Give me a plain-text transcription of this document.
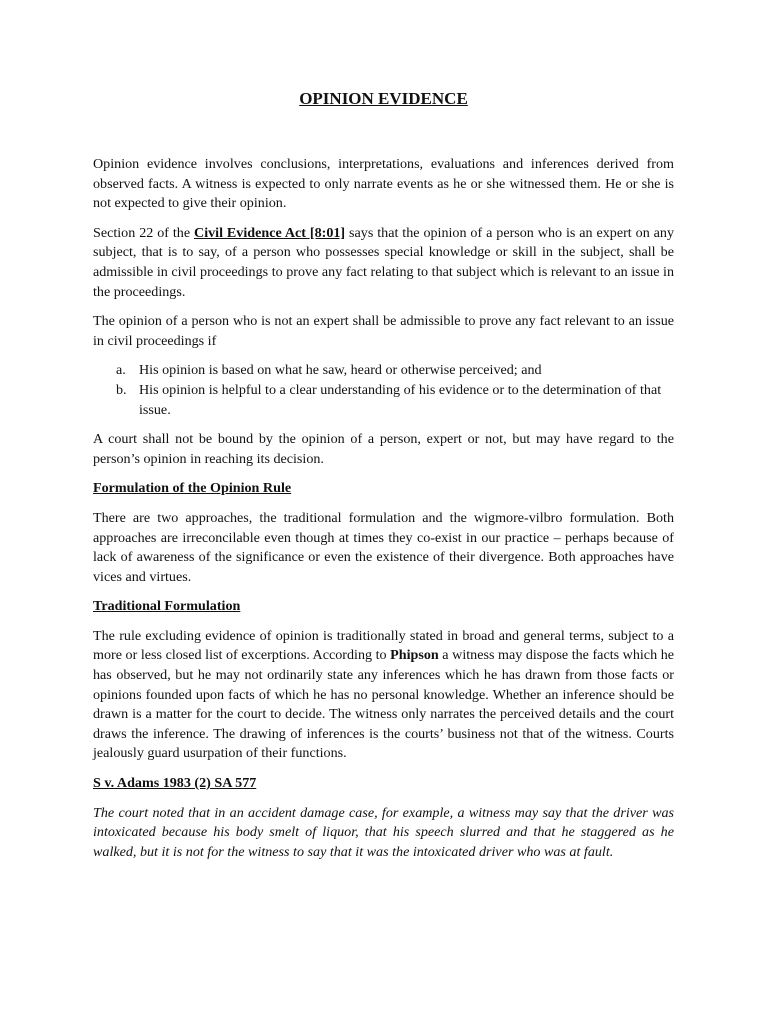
OPINION EVIDENCE

Opinion evidence involves conclusions, interpretations, evaluations and inferences derived from observed facts. A witness is expected to only narrate events as he or she witnessed them. He or she is not expected to give their opinion.

Section 22 of the Civil Evidence Act [8:01] says that the opinion of a person who is an expert on any subject, that is to say, of a person who possesses special knowledge or skill in the subject, shall be admissible in civil proceedings to prove any fact relating to that subject which is relevant to an issue in the proceedings.

The opinion of a person who is not an expert shall be admissible to prove any fact relevant to an issue in civil proceedings if

a. His opinion is based on what he saw, heard or otherwise perceived; and
b. His opinion is helpful to a clear understanding of his evidence or to the determination of that issue.

A court shall not be bound by the opinion of a person, expert or not, but may have regard to the person’s opinion in reaching its decision.

Formulation of the Opinion Rule

There are two approaches, the traditional formulation and the wigmore-vilbro formulation. Both approaches are irreconcilable even though at times they co-exist in our practice – perhaps because of lack of awareness of the significance or even the existence of their divergence. Both approaches have vices and virtues.

Traditional Formulation

The rule excluding evidence of opinion is traditionally stated in broad and general terms, subject to a more or less closed list of excerptions. According to Phipson a witness may dispose the facts which he has observed, but he may not ordinarily state any inferences which he has drawn from those facts or opinions founded upon facts of which he has no personal knowledge. Whether an inference should be drawn is a matter for the court to decide. The witness only narrates the perceived details and the court draws the inference. The drawing of inferences is the courts’ business not that of the witness. Courts jealously guard usurpation of their functions.

S v. Adams 1983 (2) SA 577

The court noted that in an accident damage case, for example, a witness may say that the driver was intoxicated because his body smelt of liquor, that his speech slurred and that he staggered as he walked, but it is not for the witness to say that it was the intoxicated driver who was at fault.
